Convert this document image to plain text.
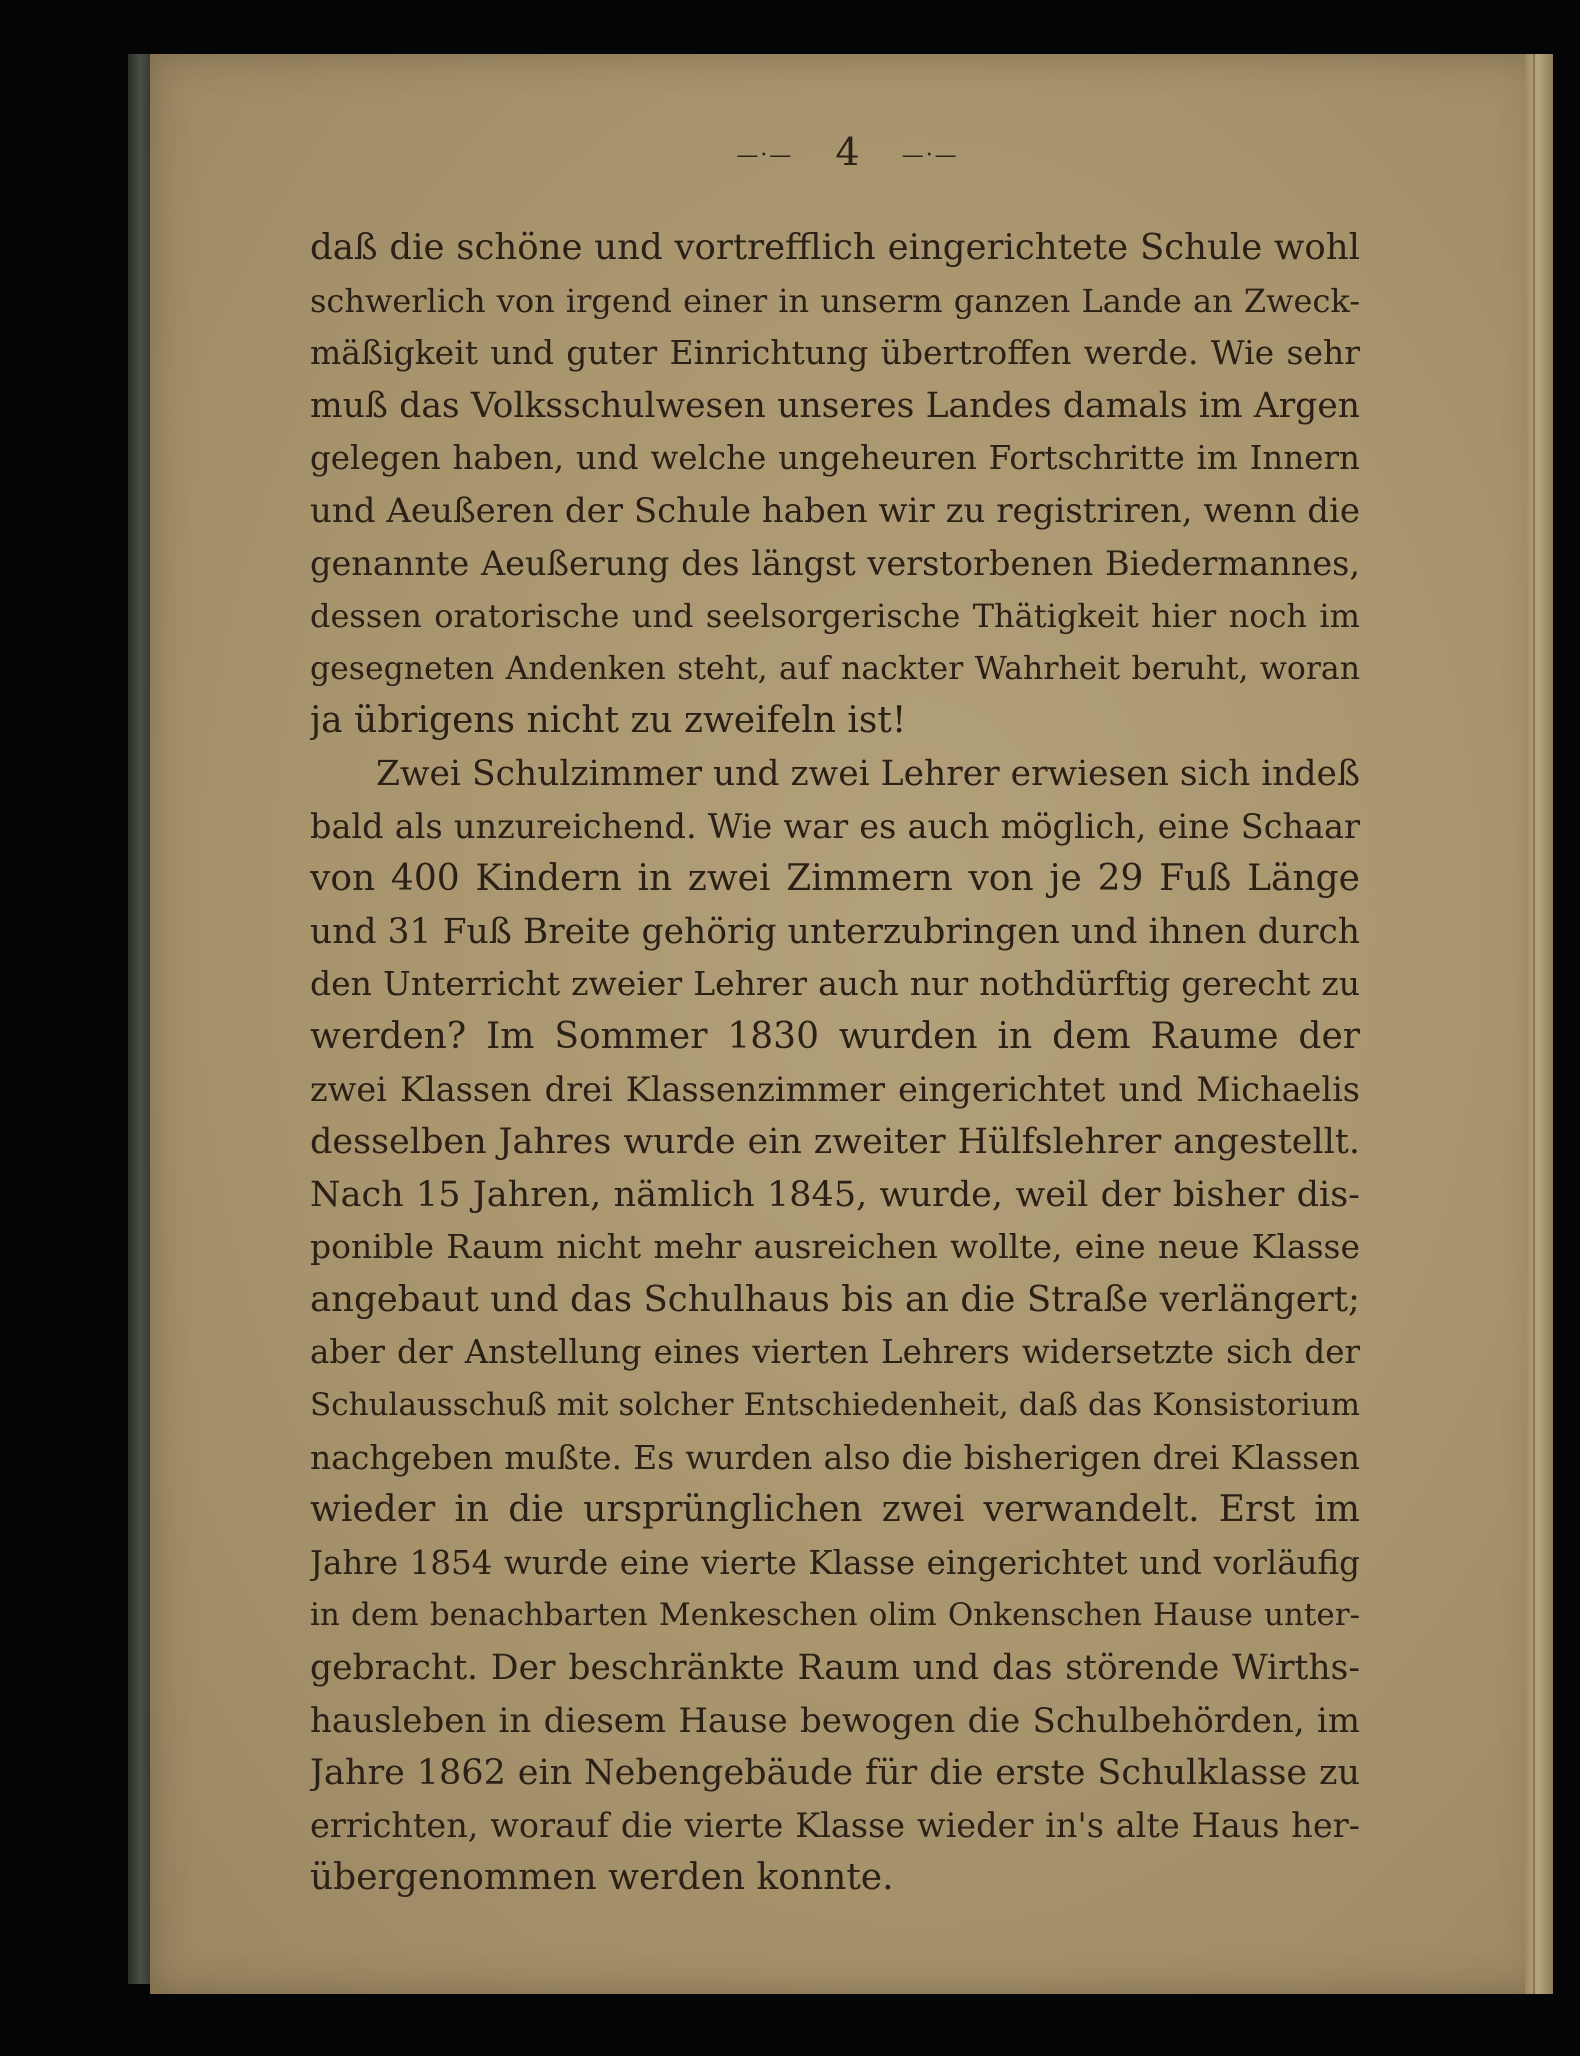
—·— 4 —·—
daß die schöne und vortrefflich eingerichtete Schule wohl
schwerlich von irgend einer in unserm ganzen Lande an Zweck-
mäßigkeit und guter Einrichtung übertroffen werde. Wie sehr
muß das Volksschulwesen unseres Landes damals im Argen
gelegen haben, und welche ungeheuren Fortschritte im Innern
und Aeußeren der Schule haben wir zu registriren, wenn die
genannte Aeußerung des längst verstorbenen Biedermannes,
dessen oratorische und seelsorgerische Thätigkeit hier noch im
gesegneten Andenken steht, auf nackter Wahrheit beruht, woran
ja übrigens nicht zu zweifeln ist!
Zwei Schulzimmer und zwei Lehrer erwiesen sich indeß
bald als unzureichend. Wie war es auch möglich, eine Schaar
von 400 Kindern in zwei Zimmern von je 29 Fuß Länge
und 31 Fuß Breite gehörig unterzubringen und ihnen durch
den Unterricht zweier Lehrer auch nur nothdürftig gerecht zu
werden? Im Sommer 1830 wurden in dem Raume der
zwei Klassen drei Klassenzimmer eingerichtet und Michaelis
desselben Jahres wurde ein zweiter Hülfslehrer angestellt.
Nach 15 Jahren, nämlich 1845, wurde, weil der bisher dis-
ponible Raum nicht mehr ausreichen wollte, eine neue Klasse
angebaut und das Schulhaus bis an die Straße verlängert;
aber der Anstellung eines vierten Lehrers widersetzte sich der
Schulausschuß mit solcher Entschiedenheit, daß das Konsistorium
nachgeben mußte. Es wurden also die bisherigen drei Klassen
wieder in die ursprünglichen zwei verwandelt. Erst im
Jahre 1854 wurde eine vierte Klasse eingerichtet und vorläufig
in dem benachbarten Menkeschen olim Onkenschen Hause unter-
gebracht. Der beschränkte Raum und das störende Wirths-
hausleben in diesem Hause bewogen die Schulbehörden, im
Jahre 1862 ein Nebengebäude für die erste Schulklasse zu
errichten, worauf die vierte Klasse wieder in's alte Haus her-
übergenommen werden konnte.
